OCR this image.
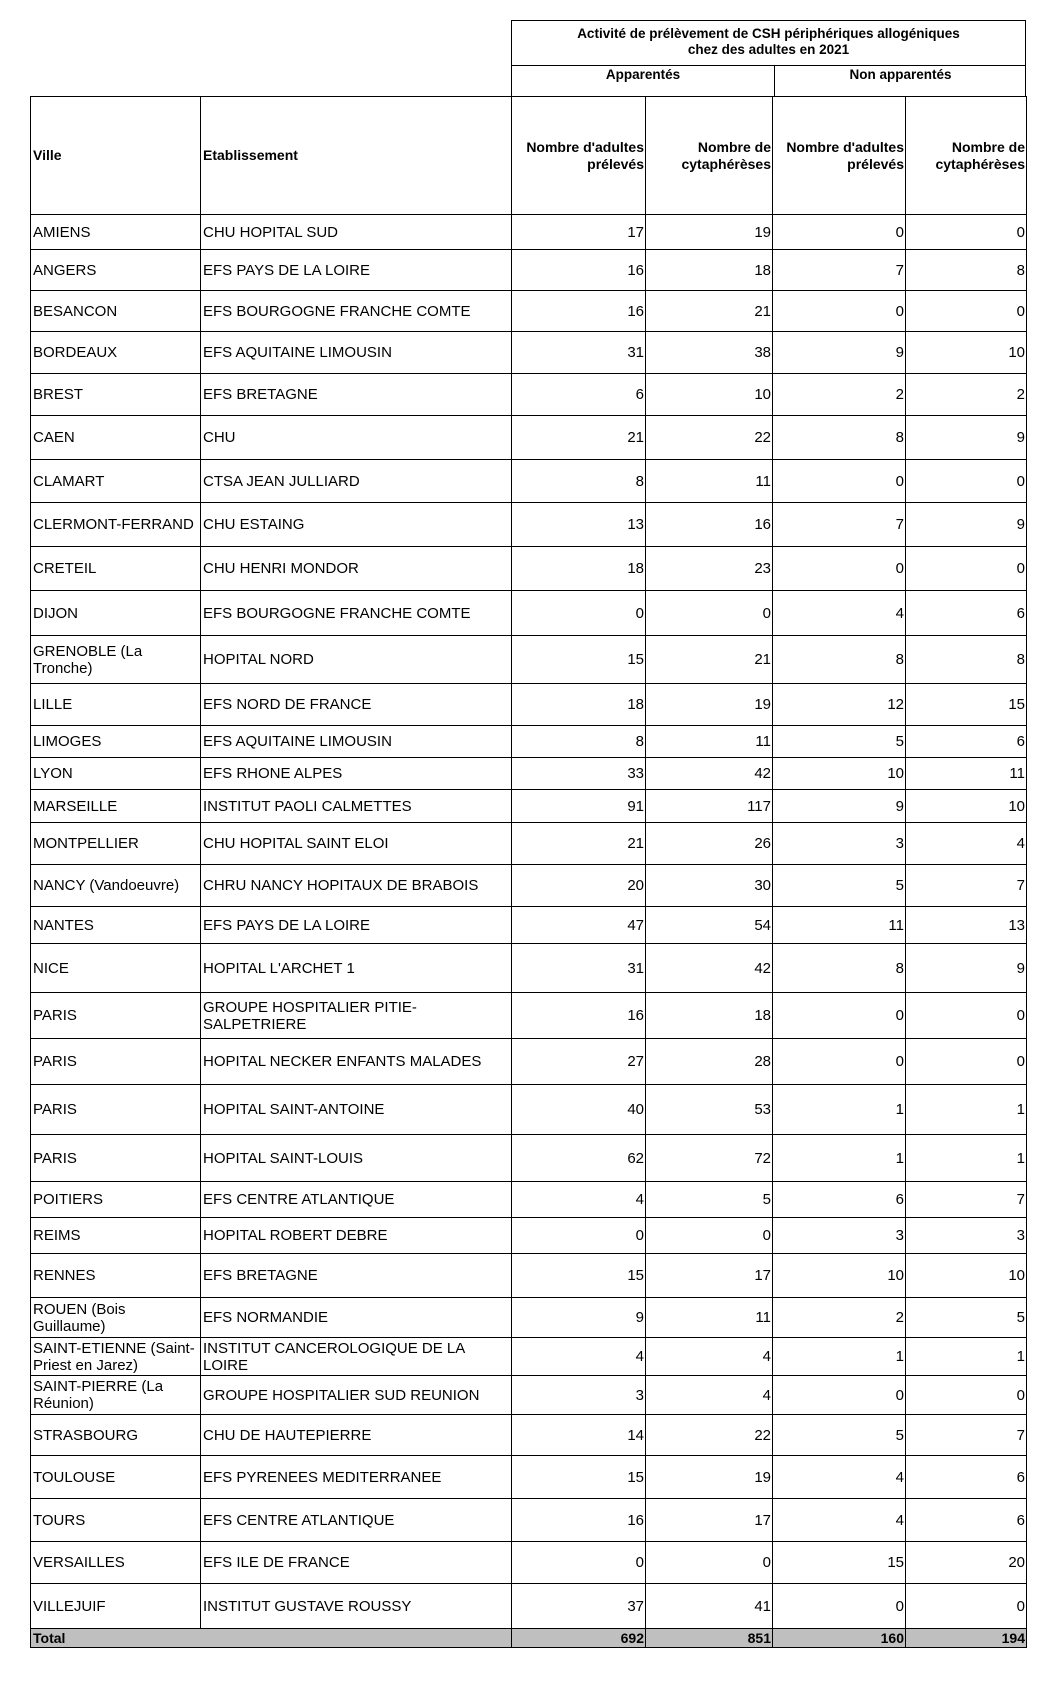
Activité de prélèvement de CSH périphériques allogéniques
chez des adultes en 2021
Apparentés	Non apparentés
Ville	Etablissement	Nombre d'adultes prélevés	Nombre de cytaphérèses	Nombre d'adultes prélevés	Nombre de cytaphérèses
AMIENS	CHU HOPITAL SUD	17	19	0	0
ANGERS	EFS PAYS DE LA LOIRE	16	18	7	8
BESANCON	EFS BOURGOGNE FRANCHE COMTE	16	21	0	0
BORDEAUX	EFS AQUITAINE LIMOUSIN	31	38	9	10
BREST	EFS BRETAGNE	6	10	2	2
CAEN	CHU	21	22	8	9
CLAMART	CTSA JEAN JULLIARD	8	11	0	0
CLERMONT-FERRAND	CHU ESTAING	13	16	7	9
CRETEIL	CHU HENRI MONDOR	18	23	0	0
DIJON	EFS BOURGOGNE FRANCHE COMTE	0	0	4	6
GRENOBLE (La Tronche)	HOPITAL NORD	15	21	8	8
LILLE	EFS NORD DE FRANCE	18	19	12	15
LIMOGES	EFS AQUITAINE LIMOUSIN	8	11	5	6
LYON	EFS RHONE ALPES	33	42	10	11
MARSEILLE	INSTITUT PAOLI CALMETTES	91	117	9	10
MONTPELLIER	CHU HOPITAL SAINT ELOI	21	26	3	4
NANCY (Vandoeuvre)	CHRU NANCY HOPITAUX DE BRABOIS	20	30	5	7
NANTES	EFS PAYS DE LA LOIRE	47	54	11	13
NICE	HOPITAL L'ARCHET 1	31	42	8	9
PARIS	GROUPE HOSPITALIER PITIE-SALPETRIERE	16	18	0	0
PARIS	HOPITAL NECKER ENFANTS MALADES	27	28	0	0
PARIS	HOPITAL SAINT-ANTOINE	40	53	1	1
PARIS	HOPITAL SAINT-LOUIS	62	72	1	1
POITIERS	EFS CENTRE ATLANTIQUE	4	5	6	7
REIMS	HOPITAL ROBERT DEBRE	0	0	3	3
RENNES	EFS BRETAGNE	15	17	10	10
ROUEN (Bois Guillaume)	EFS NORMANDIE	9	11	2	5
SAINT-ETIENNE (Saint-Priest en Jarez)	INSTITUT CANCEROLOGIQUE DE LA LOIRE	4	4	1	1
SAINT-PIERRE (La Réunion)	GROUPE HOSPITALIER SUD REUNION	3	4	0	0
STRASBOURG	CHU DE HAUTEPIERRE	14	22	5	7
TOULOUSE	EFS PYRENEES MEDITERRANEE	15	19	4	6
TOURS	EFS CENTRE ATLANTIQUE	16	17	4	6
VERSAILLES	EFS ILE DE FRANCE	0	0	15	20
VILLEJUIF	INSTITUT GUSTAVE ROUSSY	37	41	0	0
Total		692	851	160	194
